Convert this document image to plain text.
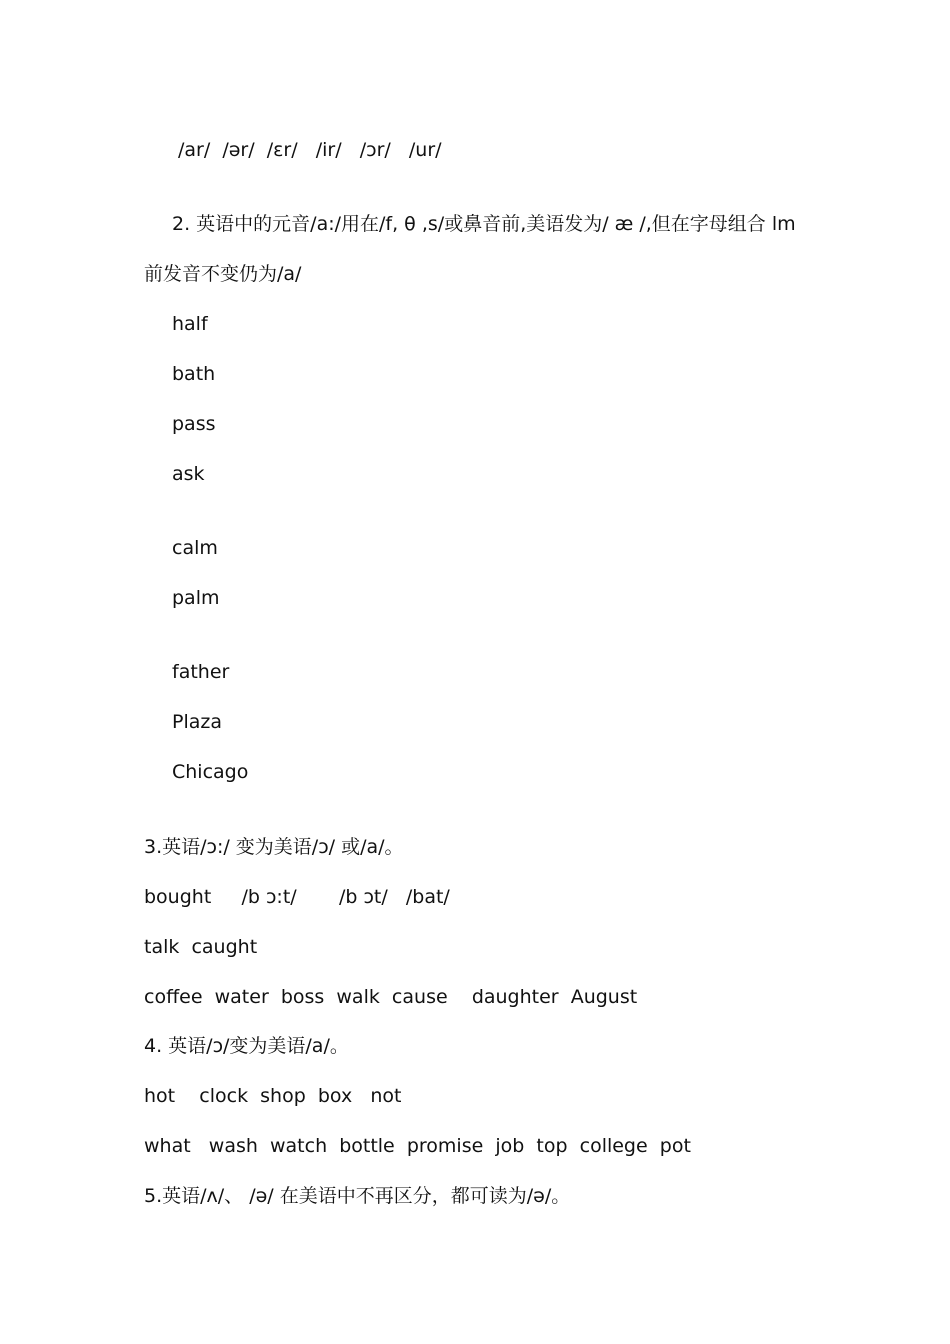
/ar/  /ər/  /ɛr/   /ir/   /ɔr/   /ur/

2. 英语中的元音/a:/用在/f, θ ,s/或鼻音前,美语发为/ æ /,但在字母组合 lm

前发音不变仍为/a/

half

bath

pass

ask

calm

palm

father

Plaza

Chicago

3.英语/ɔ:/ 变为美语/ɔ/ 或/a/。

bought     /b ɔ:t/       /b ɔt/   /bat/

talk  caught

coffee  water  boss  walk  cause    daughter  August

4. 英语/ɔ/变为美语/a/。

hot    clock  shop  box   not

what   wash  watch  bottle  promise  job  top  college  pot

5.英语/ʌ/、 /ə/ 在美语中不再区分，都可读为/ə/。
